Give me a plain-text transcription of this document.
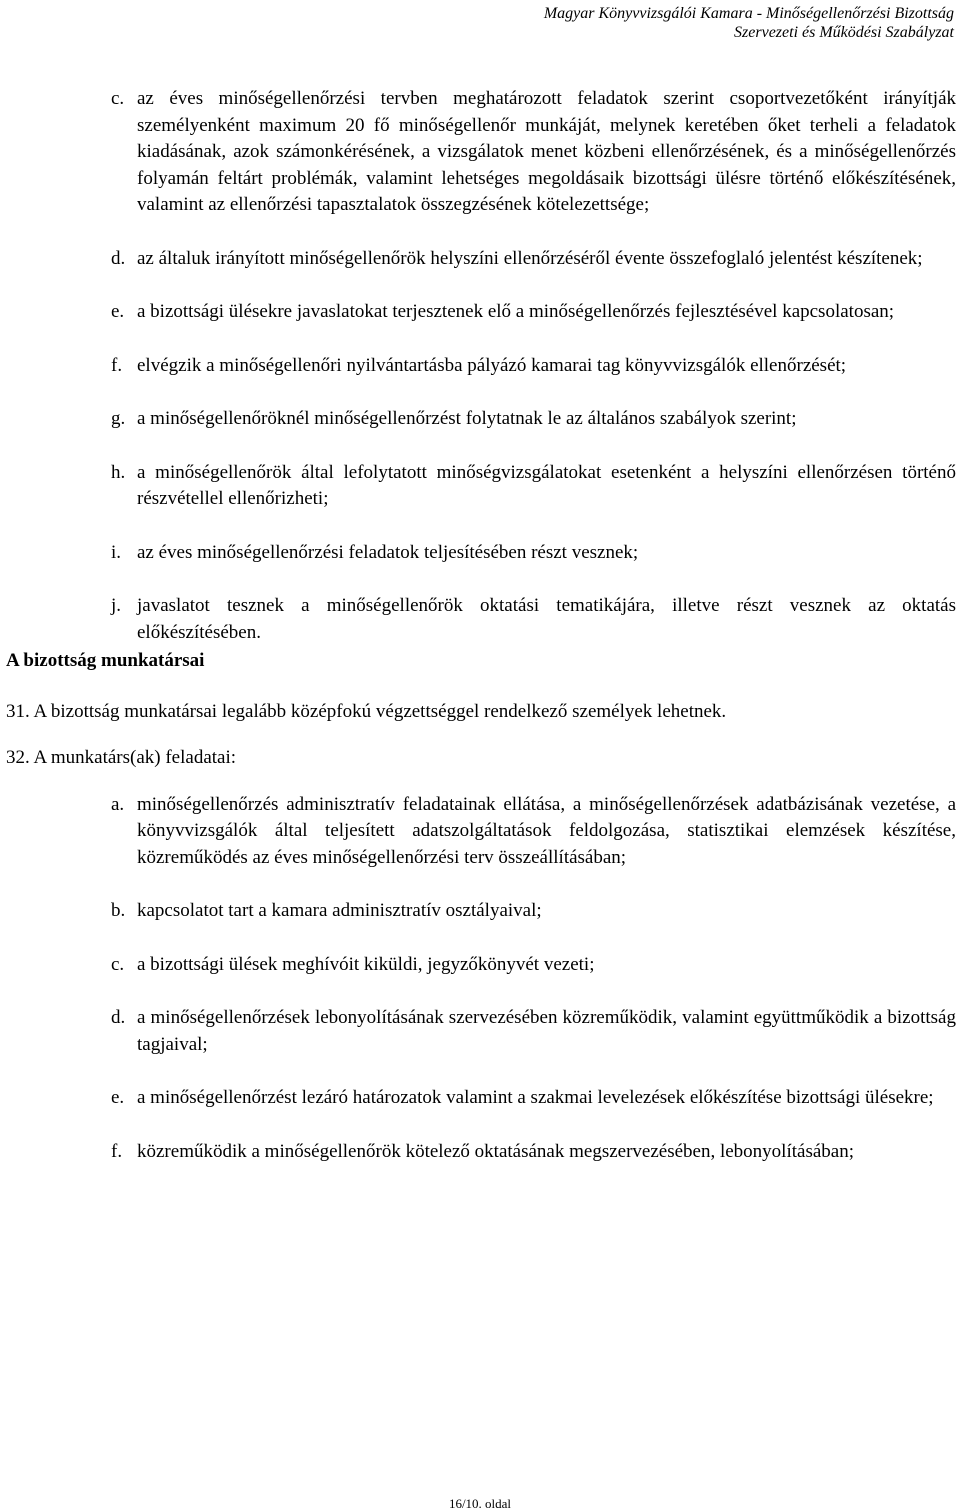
Magyar Könyvvizsgálói Kamara - Minőségellenőrzési Bizottság
Szervezeti és Működési Szabályzat
c. az éves minőségellenőrzési tervben meghatározott feladatok szerint csoportvezetőként irányítják személyenként maximum 20 fő minőségellenőr munkáját, melynek keretében őket terheli a feladatok kiadásának, azok számonkérésének, a vizsgálatok menet közbeni ellenőrzésének, és a minőségellenőrzés folyamán feltárt problémák, valamint lehetséges megoldásaik bizottsági ülésre történő előkészítésének, valamint az ellenőrzési tapasztalatok összegzésének kötelezettsége;
d. az általuk irányított minőségellenőrök helyszíni ellenőrzéséről évente összefoglaló jelentést készítenek;
e. a bizottsági ülésekre javaslatokat terjesztenek elő a minőségellenőrzés fejlesztésével kapcsolatosan;
f. elvégzik a minőségellenőri nyilvántartásba pályázó kamarai tag könyvvizsgálók ellenőrzését;
g. a minőségellenőröknél minőségellenőrzést folytatnak le az általános szabályok szerint;
h. a minőségellenőrök által lefolytatott minőségvizsgálatokat esetenként a helyszíni ellenőrzésen történő részvétellel ellenőrizheti;
i. az éves minőségellenőrzési feladatok teljesítésében részt vesznek;
j. javaslatot tesznek a minőségellenőrök oktatási tematikájára, illetve részt vesznek az oktatás előkészítésében.
A bizottság munkatársai
31. A bizottság munkatársai legalább középfokú végzettséggel rendelkező személyek lehetnek.
32. A munkatárs(ak) feladatai:
a. minőségellenőrzés adminisztratív feladatainak ellátása, a minőségellenőrzések adatbázisának vezetése, a könyvvizsgálók által teljesített adatszolgáltatások feldolgozása, statisztikai elemzések készítése, közreműködés az éves minőségellenőrzési terv összeállításában;
b. kapcsolatot tart a kamara adminisztratív osztályaival;
c. a bizottsági ülések meghívóit kiküldi, jegyzőkönyvét vezeti;
d. a minőségellenőrzések lebonyolításának szervezésében közreműködik, valamint együttműködik a bizottság tagjaival;
e. a minőségellenőrzést lezáró határozatok valamint a szakmai levelezések előkészítése bizottsági ülésekre;
f. közreműködik a minőségellenőrök kötelező oktatásának megszervezésében, lebonyolításában;
16/10. oldal
